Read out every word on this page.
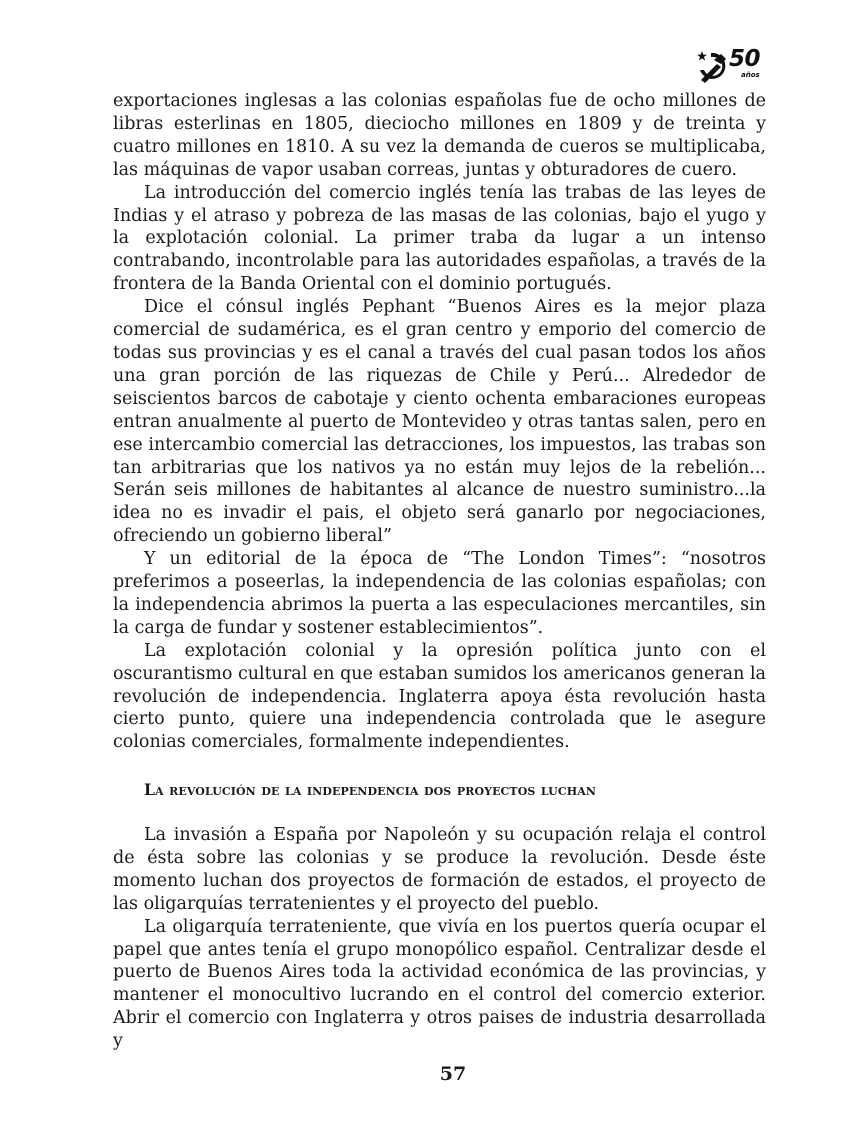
50
años

exportaciones inglesas a las colonias españolas fue de ocho millones de libras esterlinas en 1805, dieciocho millones en 1809 y de treinta y cuatro millones en 1810. A su vez la demanda de cueros se multiplicaba, las máquinas de vapor usaban correas, juntas y obturadores de cuero.

La introducción del comercio inglés tenía las trabas de las leyes de Indias y el atraso y pobreza de las masas de las colonias, bajo el yugo y la explotación colonial. La primer traba da lugar a un intenso contrabando, incontrolable para las autoridades españolas, a través de la frontera de la Banda Oriental con el dominio portugués.

Dice el cónsul inglés Pephant “Buenos Aires es la mejor plaza comercial de sudamérica, es el gran centro y emporio del comercio de todas sus provincias y es el canal a través del cual pasan todos los años una gran porción de las riquezas de Chile y Perú... Alrededor de seiscientos barcos de cabotaje y ciento ochenta embaraciones europeas entran anualmente al puerto de Montevideo y otras tantas salen, pero en ese intercambio comercial las detracciones, los impuestos, las trabas son tan arbitrarias que los nativos ya no están muy lejos de la rebelión... Serán seis millones de habitantes al alcance de nuestro suministro...la idea no es invadir el pais, el objeto será ganarlo por negociaciones, ofreciendo un gobierno liberal”

Y un editorial de la época de “The London Times”: “nosotros preferimos a poseerlas, la independencia de las colonias españolas; con la independencia abrimos la puerta a las especulaciones mercantiles, sin la carga de fundar y sostener establecimientos”.

La explotación colonial y la opresión política junto con el oscurantismo cultural en que estaban sumidos los americanos generan la revolución de independencia. Inglaterra apoya ésta revolución hasta cierto punto, quiere una independencia controlada que le asegure colonias comerciales, formalmente independientes.

La revolución de la independencia dos proyectos luchan

La invasión a España por Napoleón y su ocupación relaja el control de ésta sobre las colonias y se produce la revolución. Desde éste momento luchan dos proyectos de formación de estados, el proyecto de las oligarquías terratenientes y el proyecto del pueblo.

La oligarquía terrateniente, que vivía en los puertos quería ocupar el papel que antes tenía el grupo monopólico español. Centralizar desde el puerto de Buenos Aires toda la actividad económica de las provincias, y mantener el monocultivo lucrando en el control del comercio exterior. Abrir el comercio con Inglaterra y otros paises de industria desarrollada y

57
